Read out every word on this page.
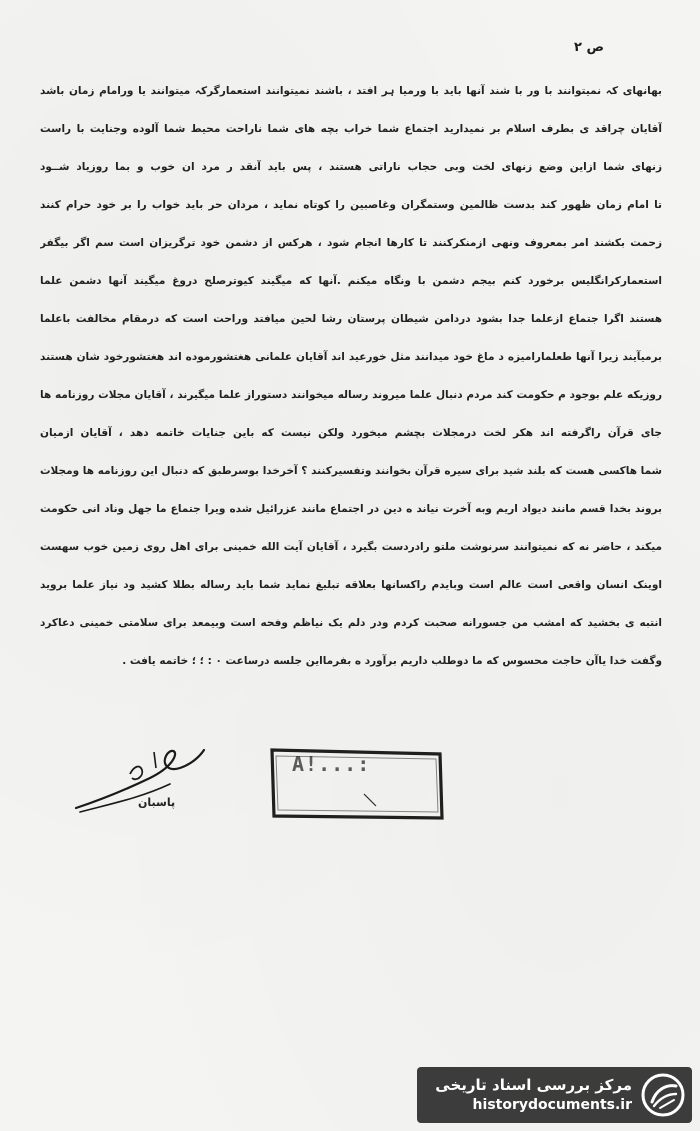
ص ۲
بهانهای کہ نمیتوانند با ور با شند آنها باید با ورمیا ہر افتد ، باشند نمیتوانند استعمارگرکہ میتوانند یا ورامام زمان باشد
آقایان چراقد ی بطرف اسلام بر نمیدارید اجتماع شما خراب بچه های شما ناراحت محیط شما آلوده وجنایت با راست
زنهای شما ازاین وضع زنهای لخت وبی حجاب ناراتی هستند ، پس باید آنقد ر مرد ان خوب و بما روزیاد شــود
تا امام زمان ظهور کند بدست ظالمین وستمگران وغاصبین را کوتاه نماید ، مردان حر باید خواب را بر خود حرام کنند
زحمت بکشند امر بمعروف ونهی ازمنکرکنند تا کارها انجام شود ، هرکس از دشمن خود ترگریزان است سم اگر بیگفر
استعمارکرانگلیس برخورد کنم بیجم دشمن با ونگاه میکنم .آنها که میگیند کیوترصلح دروغ میگیند آنها دشمن علما
هستند اگرا جتماع ازعلما جدا بشود دردامن شیطان پرستان رشا لحین میافتد وراحت است که درمقام مخالفت باعلما
برمیآیند زیرا آنها طعلمارامیزه د ماغ خود میدانند مثل خورعید اند آقایان علمانی هغتشورموده اند هغتشورخود شان هستند
روزیکه علم بوجود م حکومت کند مردم دنبال علما میروند رساله میخوانند دستوراز علما میگیرند ، آقایان مجلات روزنامه ها
جای قرآن راگرفته اند هکر لخت درمجلات بچشم میخورد ولکن نیست که باین جنایات خاتمه دهد ، آقایان ازمیان
شما هاکسی هست که بلند شید برای سیره قرآن بخوانند وتفسیرکنند ؟ آخرخدا بوسرطبق که دنبال این روزنامه ها ومجلات
بروند بخدا قسم مانند دیواد اریم وبه آخرت نیاند ه دین در اجتماع مانند عزرائیل شده ویرا جتماع ما جهل وناد انی حکومت
میکند ، حاضر نه که نمیتوانند سرنوشت ملتو رادردست بگیرد ، آقایان آیت الله خمینی برای اهل روی زمین خوب سهست
اوینک انسان واقعی است عالم است وبایدم راکسانها بعلاقه تبلیغ نماید شما باید رساله بطلا کشید ود نیاز علما بروید
انتبه ی بخشید که امشب من جسورانه صحبت کردم ودر دلم یک نیاظم وفحه است وبیمعد برای سلامتی خمینی دعاکرد
وگفت خدا یاآن حاجت محسوس که ما دوطلب داریم برآورد ه بفرمااین جلسه درساعت ۰ : ؛ ؛ خاتمه یافت .
پاسبان
A!...:
مرکز بررسی اسناد تاریخی
historydocuments.ir
